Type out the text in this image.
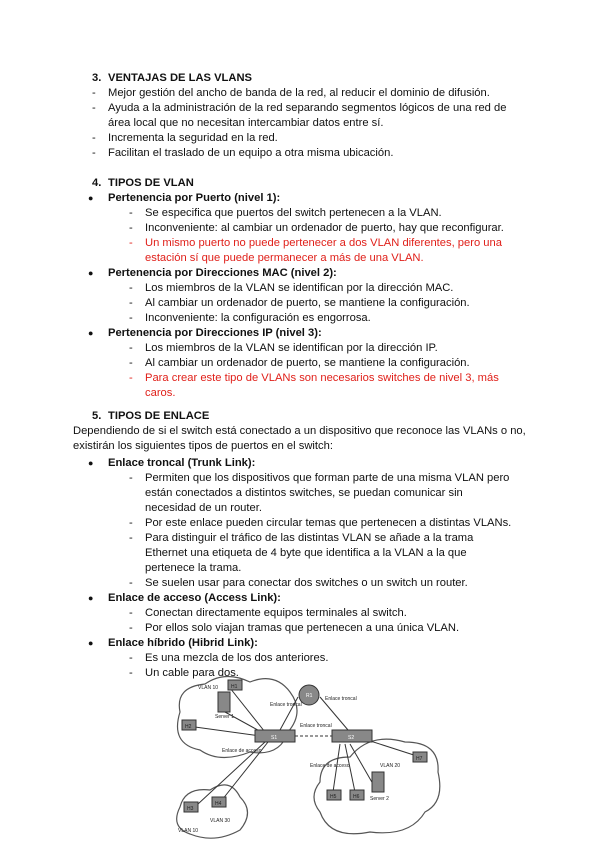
3. VENTAJAS DE LAS VLANS
- Mejor gestión del ancho de banda de la red, al reducir el dominio de difusión.
- Ayuda a la administración de la red separando segmentos lógicos de una red de área local que no necesitan intercambiar datos entre sí.
- Incrementa la seguridad en la red.
- Facilitan el traslado de un equipo a otra misma ubicación.
4. TIPOS DE VLAN
● Pertenencia por Puerto (nivel 1):
- Se especifica que puertos del switch pertenecen a la VLAN.
- Inconveniente: al cambiar un ordenador de puerto, hay que reconfigurar.
- Un mismo puerto no puede pertenecer a dos VLAN diferentes, pero una estación sí que puede permanecer a más de una VLAN.
● Pertenencia por Direcciones MAC (nivel 2):
- Los miembros de la VLAN se identifican por la dirección MAC.
- Al cambiar un ordenador de puerto, se mantiene la configuración.
- Inconveniente: la configuración es engorrosa.
● Pertenencia por Direcciones IP (nivel 3):
- Los miembros de la VLAN se identifican por la dirección IP.
- Al cambiar un ordenador de puerto, se mantiene la configuración.
- Para crear este tipo de VLANs son necesarios switches de nivel 3, más caros.
5. TIPOS DE ENLACE
Dependiendo de si el switch está conectado a un dispositivo que reconoce las VLANs o no, existirán los siguientes tipos de puertos en el switch:
● Enlace troncal (Trunk Link):
- Permiten que los dispositivos que forman parte de una misma VLAN pero están conectados a distintos switches, se puedan comunicar sin necesidad de un router.
- Por este enlace pueden circular temas que pertenecen a distintas VLANs.
- Para distinguir el tráfico de las distintas VLAN se añade a la trama Ethernet una etiqueta de 4 byte que identifica a la VLAN a la que pertenece la trama.
- Se suelen usar para conectar dos switches o un switch un router.
● Enlace de acceso (Access Link):
- Conectan directamente equipos terminales al switch.
- Por ellos solo viajan tramas que pertenecen a una única VLAN.
● Enlace híbrido (Hibrid Link):
- Es una mezcla de los dos anteriores.
- Un cable para dos.
VLAN 10	H1
H2
Server 1
S1	S2
R1
Enlace troncal
Enlace troncal
Enlace troncal
Enlace de acceso
Enlace de acceso
H3
H4
VLAN 10
VLAN 30
H5	H6 Server 2
H7
VLAN 20
